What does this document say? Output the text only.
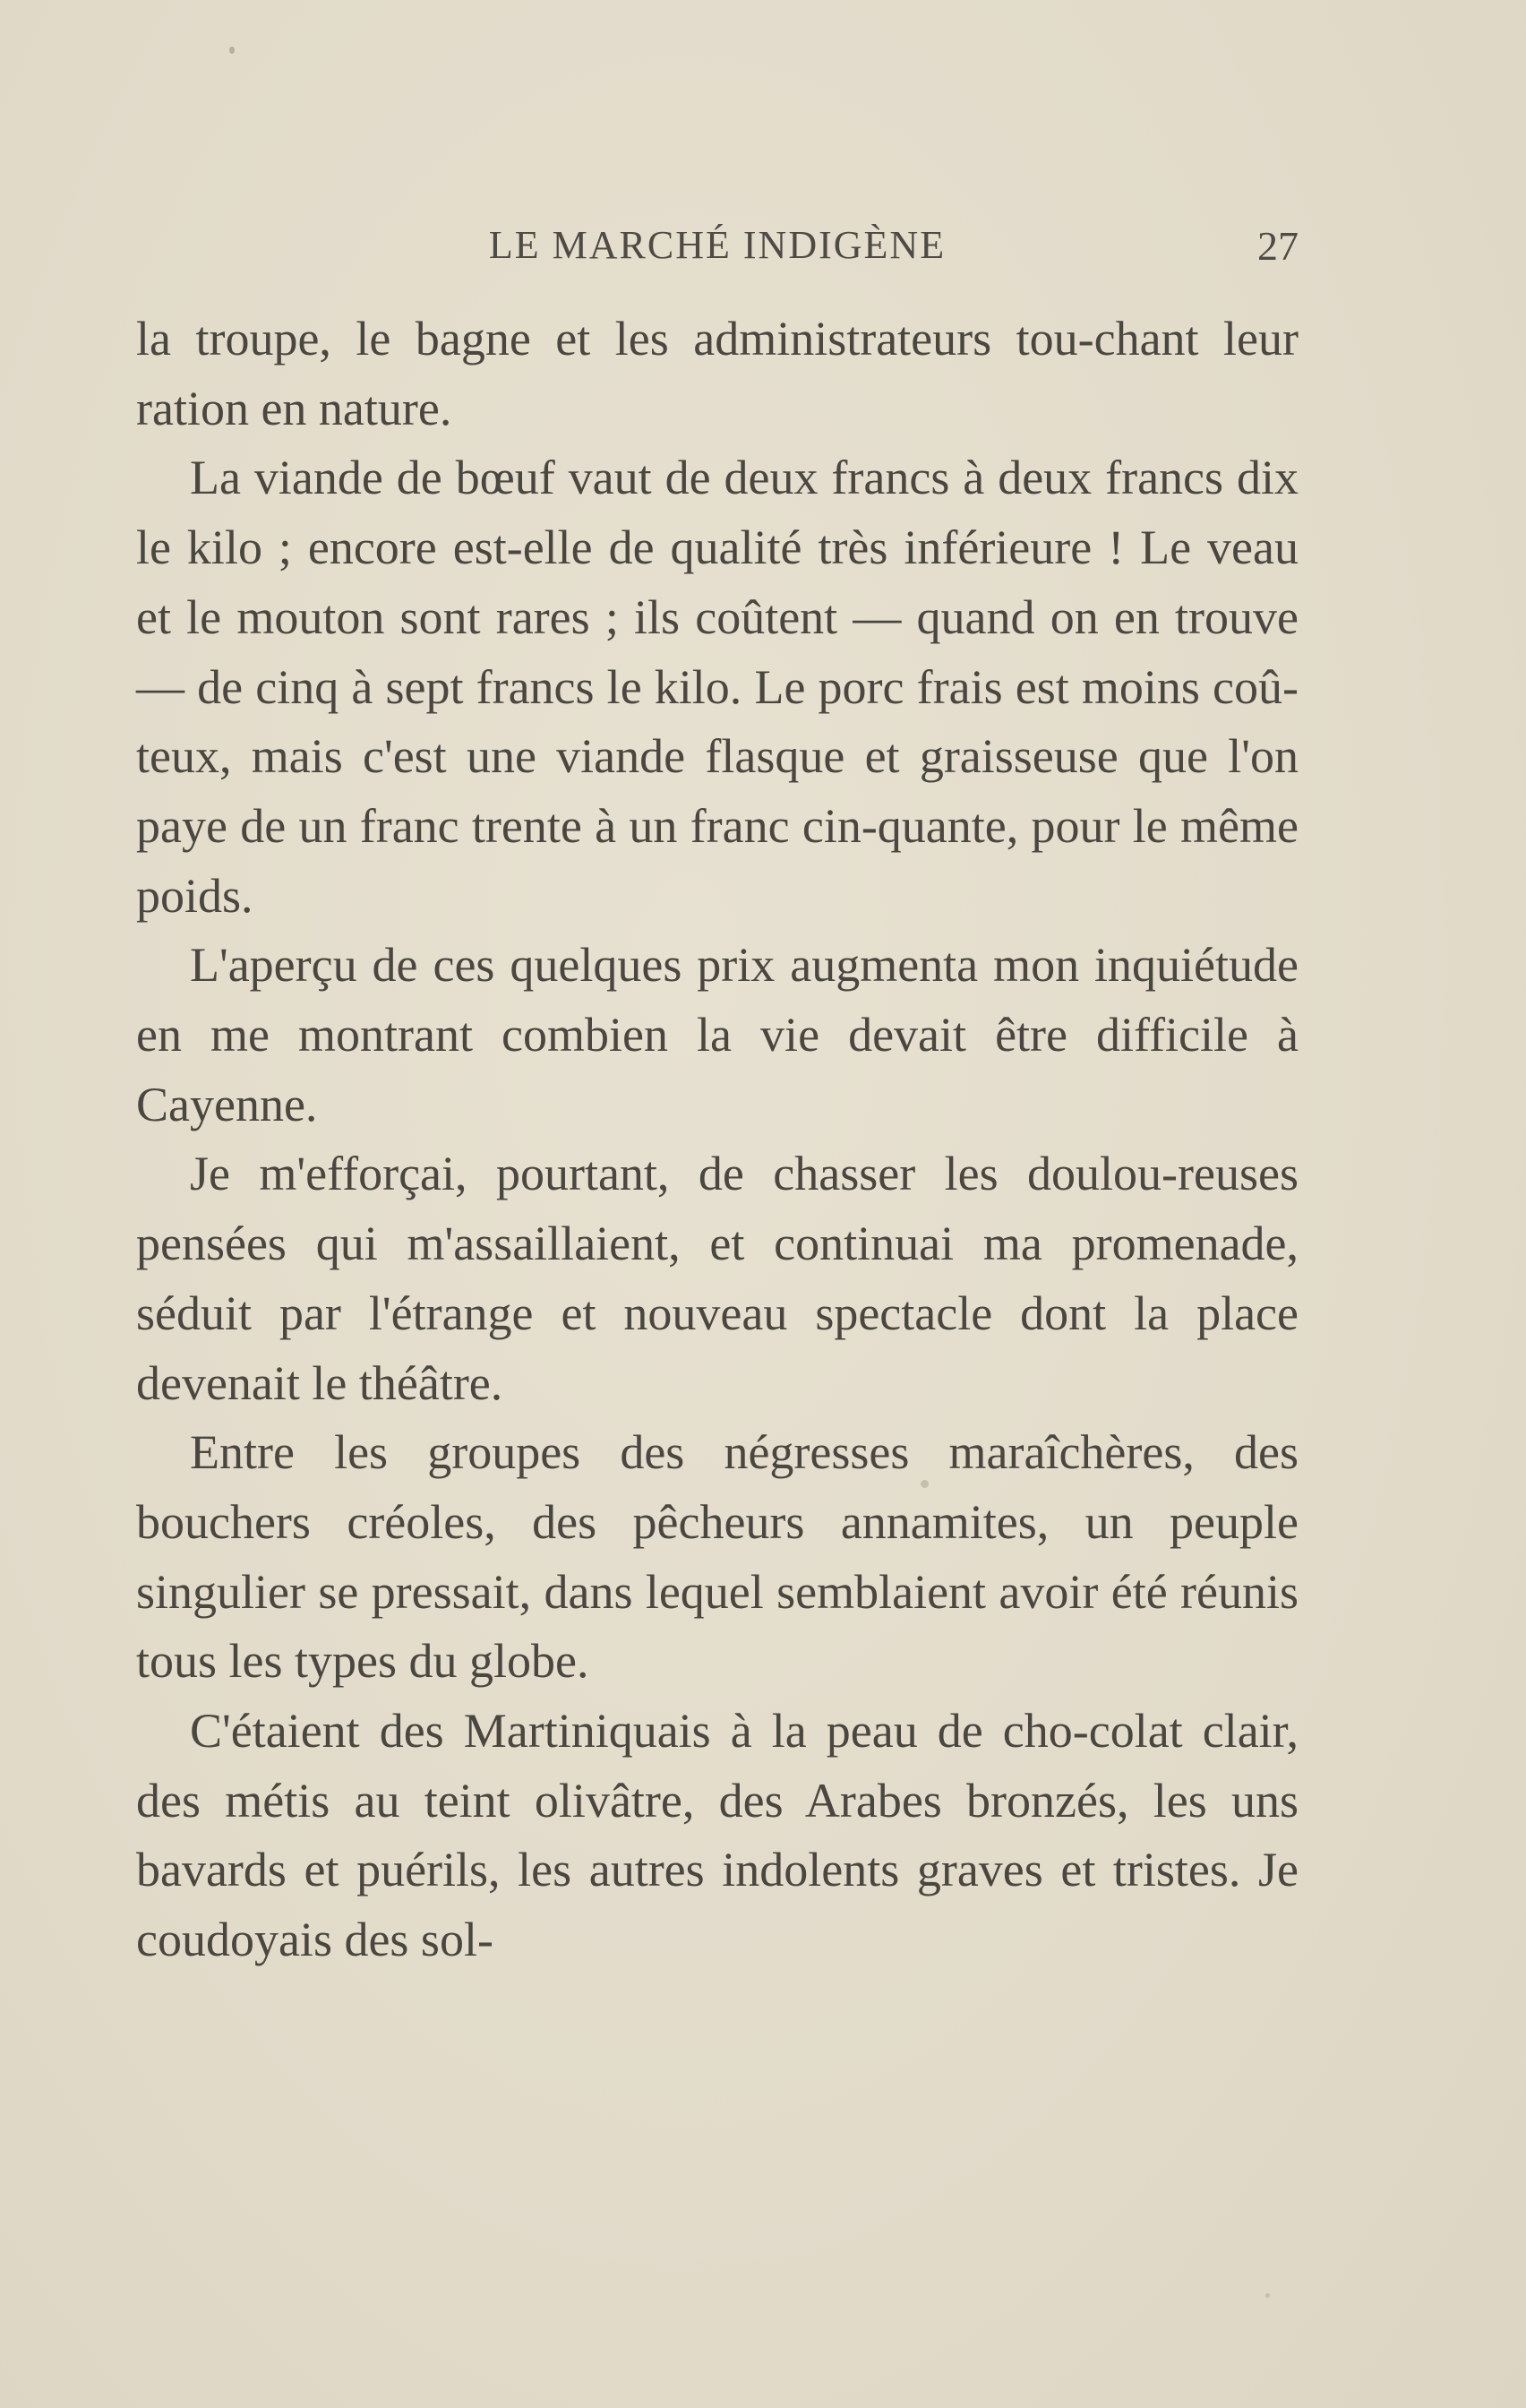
LE MARCHÉ INDIGÈNE	27

la troupe, le bagne et les administrateurs tou-chant leur ration en nature.

La viande de bœuf vaut de deux francs à deux francs dix le kilo ; encore est-elle de qualité très inférieure ! Le veau et le mouton sont rares ; ils coûtent — quand on en trouve — de cinq à sept francs le kilo. Le porc frais est moins coû-teux, mais c'est une viande flasque et graisseuse que l'on paye de un franc trente à un franc cin-quante, pour le même poids.

L'aperçu de ces quelques prix augmenta mon inquiétude en me montrant combien la vie devait être difficile à Cayenne.

Je m'efforçai, pourtant, de chasser les doulou-reuses pensées qui m'assaillaient, et continuai ma promenade, séduit par l'étrange et nouveau spectacle dont la place devenait le théâtre.

Entre les groupes des négresses maraîchères, des bouchers créoles, des pêcheurs annamites, un peuple singulier se pressait, dans lequel semblaient avoir été réunis tous les types du globe.

C'étaient des Martiniquais à la peau de cho-colat clair, des métis au teint olivâtre, des Arabes bronzés, les uns bavards et puérils, les autres indolents graves et tristes. Je coudoyais des sol-
